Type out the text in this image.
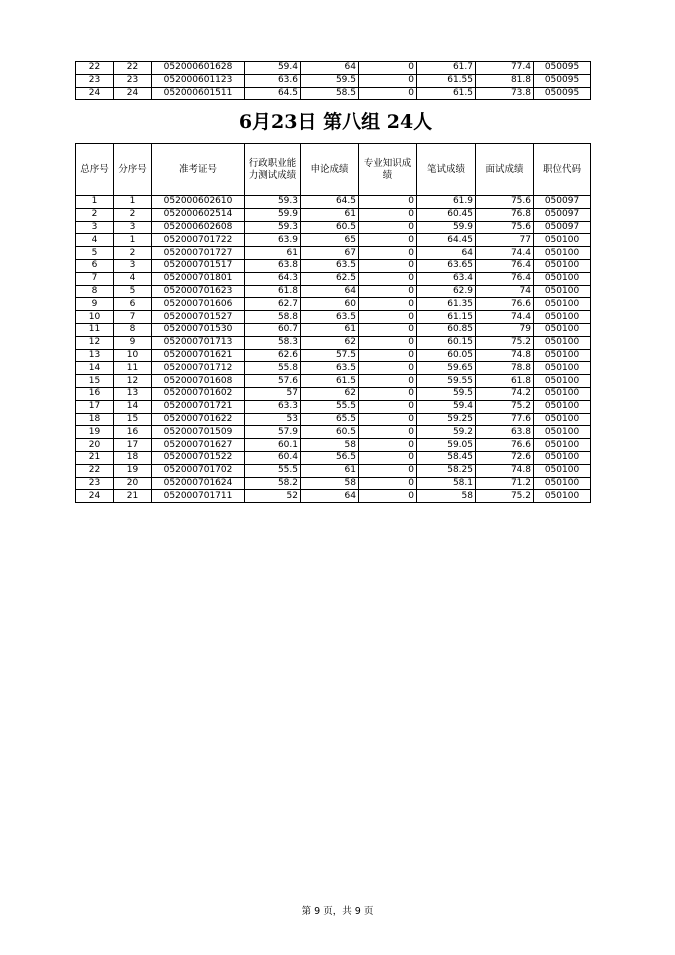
22	22	052000601628	59.4	64	0	61.7	77.4	050095
23	23	052000601123	63.6	59.5	0	61.55	81.8	050095
24	24	052000601511	64.5	58.5	0	61.5	73.8	050095
6月23日 第八组 24人
总序号	分序号	准考证号	行政职业能力测试成绩	申论成绩	专业知识成绩	笔试成绩	面试成绩	职位代码
1	1	052000602610	59.3	64.5	0	61.9	75.6	050097
2	2	052000602514	59.9	61	0	60.45	76.8	050097
3	3	052000602608	59.3	60.5	0	59.9	75.6	050097
4	1	052000701722	63.9	65	0	64.45	77	050100
5	2	052000701727	61	67	0	64	74.4	050100
6	3	052000701517	63.8	63.5	0	63.65	76.4	050100
7	4	052000701801	64.3	62.5	0	63.4	76.4	050100
8	5	052000701623	61.8	64	0	62.9	74	050100
9	6	052000701606	62.7	60	0	61.35	76.6	050100
10	7	052000701527	58.8	63.5	0	61.15	74.4	050100
11	8	052000701530	60.7	61	0	60.85	79	050100
12	9	052000701713	58.3	62	0	60.15	75.2	050100
13	10	052000701621	62.6	57.5	0	60.05	74.8	050100
14	11	052000701712	55.8	63.5	0	59.65	78.8	050100
15	12	052000701608	57.6	61.5	0	59.55	61.8	050100
16	13	052000701602	57	62	0	59.5	74.2	050100
17	14	052000701721	63.3	55.5	0	59.4	75.2	050100
18	15	052000701622	53	65.5	0	59.25	77.6	050100
19	16	052000701509	57.9	60.5	0	59.2	63.8	050100
20	17	052000701627	60.1	58	0	59.05	76.6	050100
21	18	052000701522	60.4	56.5	0	58.45	72.6	050100
22	19	052000701702	55.5	61	0	58.25	74.8	050100
23	20	052000701624	58.2	58	0	58.1	71.2	050100
24	21	052000701711	52	64	0	58	75.2	050100
第 9 页，共 9 页
